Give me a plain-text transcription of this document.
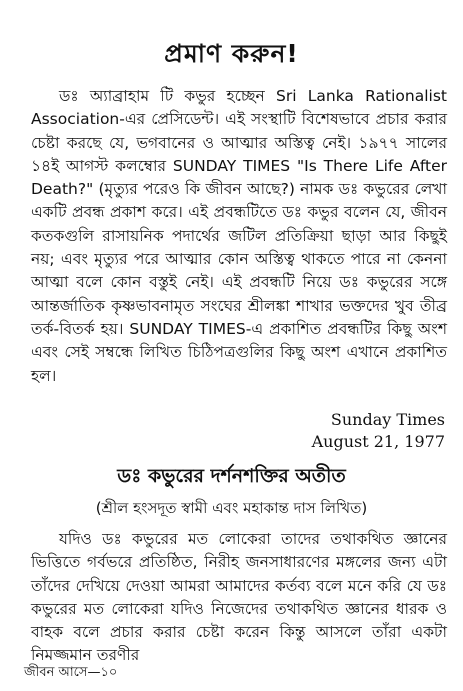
প্রমাণ করুন!

ডঃ অ্যাব্রাহাম টি কভুর হচ্ছেন Sri Lanka Rationalist Association-এর প্রেসিডেন্ট। এই সংস্থাটি বিশেষভাবে প্রচার করার চেষ্টা করছে যে, ভগবানের ও আত্মার অস্তিত্ব নেই। ১৯৭৭ সালের ১৪ই আগস্ট কলম্বোর SUNDAY TIMES "Is There Life After Death?" (মৃত্যুর পরেও কি জীবন আছে?) নামক ডঃ কভুরের লেখা একটি প্রবন্ধ প্রকাশ করে। এই প্রবন্ধটিতে ডঃ কভুর বলেন যে, জীবন কতকগুলি রাসায়নিক পদার্থের জটিল প্রতিক্রিয়া ছাড়া আর কিছুই নয়; এবং মৃত্যুর পরে আত্মার কোন অস্তিত্ব থাকতে পারে না কেননা আত্মা বলে কোন বস্তুই নেই। এই প্রবন্ধটি নিয়ে ডঃ কভুরের সঙ্গে আন্তর্জাতিক কৃষ্ণভাবনামৃত সংঘের শ্রীলঙ্কা শাখার ভক্তদের খুব তীব্র তর্ক-বিতর্ক হয়। SUNDAY TIMES-এ প্রকাশিত প্রবন্ধটির কিছু অংশ এবং সেই সম্বন্ধে লিখিত চিঠিপত্রগুলির কিছু অংশ এখানে প্রকাশিত হল।

Sunday Times
August 21, 1977
ডঃ কভুরের দর্শনশক্তির অতীত
(শ্রীল হংসদূত স্বামী এবং মহাকান্ত দাস লিখিত)

যদিও ডঃ কভুরের মত লোকেরা তাদের তথাকথিত জ্ঞানের ভিত্তিতে গর্বভরে প্রতিষ্ঠিত, নিরীহ জনসাধারণের মঙ্গলের জন্য এটা তাঁদের দেখিয়ে দেওয়া আমরা আমাদের কর্তব্য বলে মনে করি যে ডঃ কভুরের মত লোকেরা যদিও নিজেদের তথাকথিত জ্ঞানের ধারক ও বাহক বলে প্রচার করার চেষ্টা করেন কিন্তু আসলে তাঁরা একটা নিমজ্জমান তরণীর

জীবন আসে—১০
